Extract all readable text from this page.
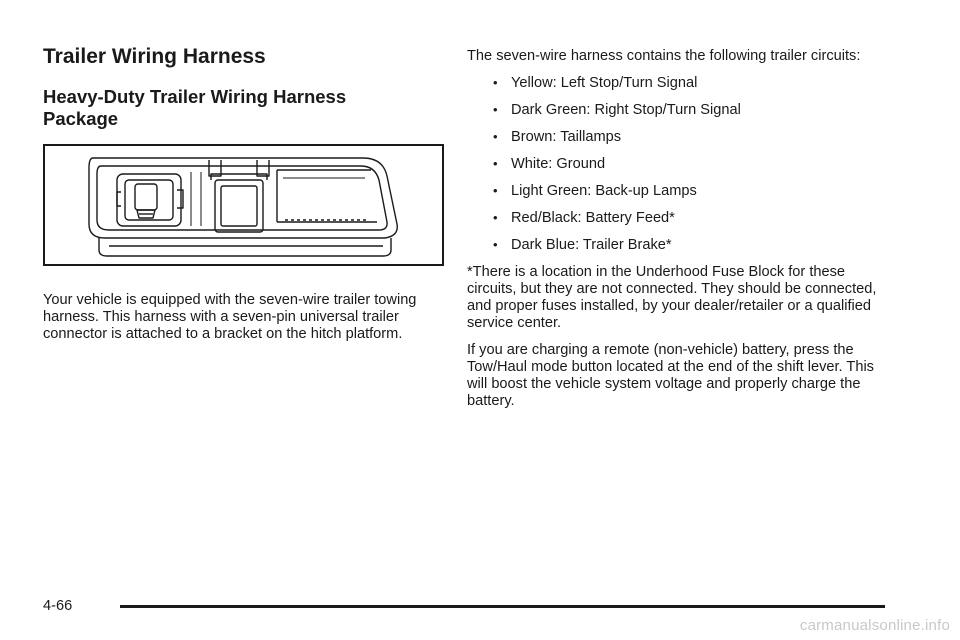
Trailer Wiring Harness
Heavy-Duty Trailer Wiring Harness Package

Your vehicle is equipped with the seven-wire trailer towing harness. This harness with a seven-pin universal trailer connector is attached to a bracket on the hitch platform.

The seven-wire harness contains the following trailer circuits:

• Yellow: Left Stop/Turn Signal
• Dark Green: Right Stop/Turn Signal
• Brown: Taillamps
• White: Ground
• Light Green: Back-up Lamps
• Red/Black: Battery Feed*
• Dark Blue: Trailer Brake*

*There is a location in the Underhood Fuse Block for these circuits, but they are not connected. They should be connected, and proper fuses installed, by your dealer/retailer or a qualified service center.

If you are charging a remote (non-vehicle) battery, press the Tow/Haul mode button located at the end of the shift lever. This will boost the vehicle system voltage and properly charge the battery.

4-66
carmanualsonline.info
